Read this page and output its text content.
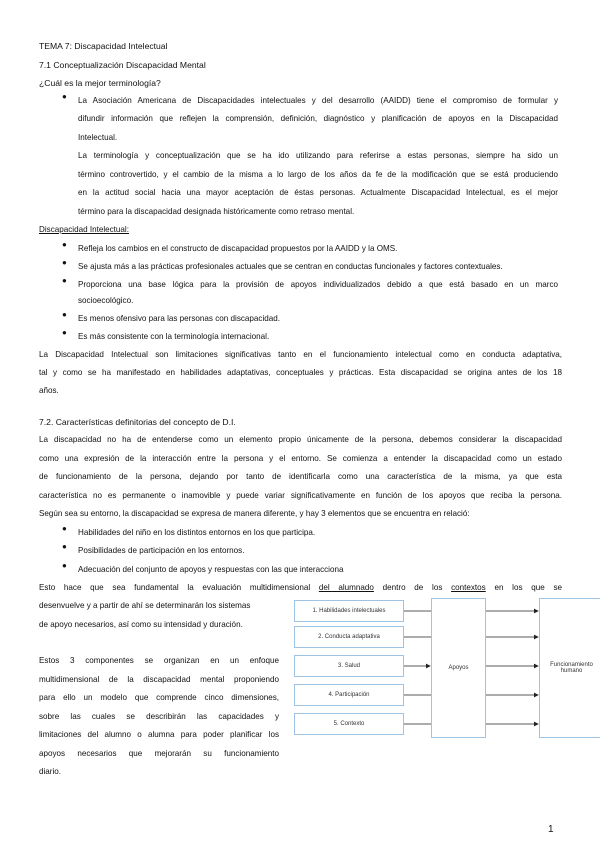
TEMA 7: Discapacidad Intelectual
7.1 Conceptualización Discapacidad Mental
¿Cuál es la mejor terminología?
● La Asociación Americana de Discapacidades intelectuales y del desarrollo (AAIDD) tiene el compromiso de formular y
difundir información que reflejen la comprensión, definición, diagnóstico y planificación de apoyos en la Discapacidad
Intelectual.
La terminología y conceptualización que se ha ido utilizando para referirse a estas personas, siempre ha sido un
término controvertido, y el cambio de la misma a lo largo de los años da fe de la modificación que se está produciendo
en la actitud social hacia una mayor aceptación de éstas personas. Actualmente Discapacidad Intelectual, es el mejor
término para la discapacidad designada históricamente como retraso mental.
Discapacidad Intelectual:
● Refleja los cambios en el constructo de discapacidad propuestos por la AAIDD y la OMS.
● Se ajusta más a las prácticas profesionales actuales que se centran en conductas funcionales y factores contextuales.
● Proporciona una base lógica para la provisión de apoyos individualizados debido a que está basado en un marco
socioecológico.
● Es menos ofensivo para las personas con discapacidad.
● Es más consistente con la terminología internacional.
La Discapacidad Intelectual son limitaciones significativas tanto en el funcionamiento intelectual como en conducta adaptativa,
tal y como se ha manifestado en habilidades adaptativas, conceptuales y prácticas. Esta discapacidad se origina antes de los 18
años.
7.2. Características definitorias del concepto de D.I.
La discapacidad no ha de entenderse como un elemento propio únicamente de la persona, debemos considerar la discapacidad
como una expresión de la interacción entre la persona y el entorno. Se comienza a entender la discapacidad como un estado
de funcionamiento de la persona, dejando por tanto de identificarla como una característica de la misma, ya que esta
característica no es permanente o inamovible y puede variar significativamente en función de los apoyos que reciba la persona.
Según sea su entorno, la discapacidad se expresa de manera diferente, y hay 3 elementos que se encuentra en relació:
● Habilidades del niño en los distintos entornos en los que participa.
● Posibilidades de participación en los entornos.
● Adecuación del conjunto de apoyos y respuestas con las que interacciona
Esto hace que sea fundamental la evaluación multidimensional del alumnado dentro de los contextos en los que se
desenvuelve y a partir de ahí se determinarán los sistemas
de apoyo necesarios, así como su intensidad y duración.
Estos 3 componentes se organizan en un enfoque
multidimensional de la discapacidad mental proponiendo
para ello un modelo que comprende cinco dimensiones,
sobre las cuales se describirán las capacidades y
limitaciones del alumno o alumna para poder planificar los
apoyos necesarios que mejorarán su funcionamiento
diario.
1. Habilidades intelectuales
2. Conducta adaptativa
3. Salud
4. Participación
5. Contexto
Apoyos	Funcionamiento humano
1
